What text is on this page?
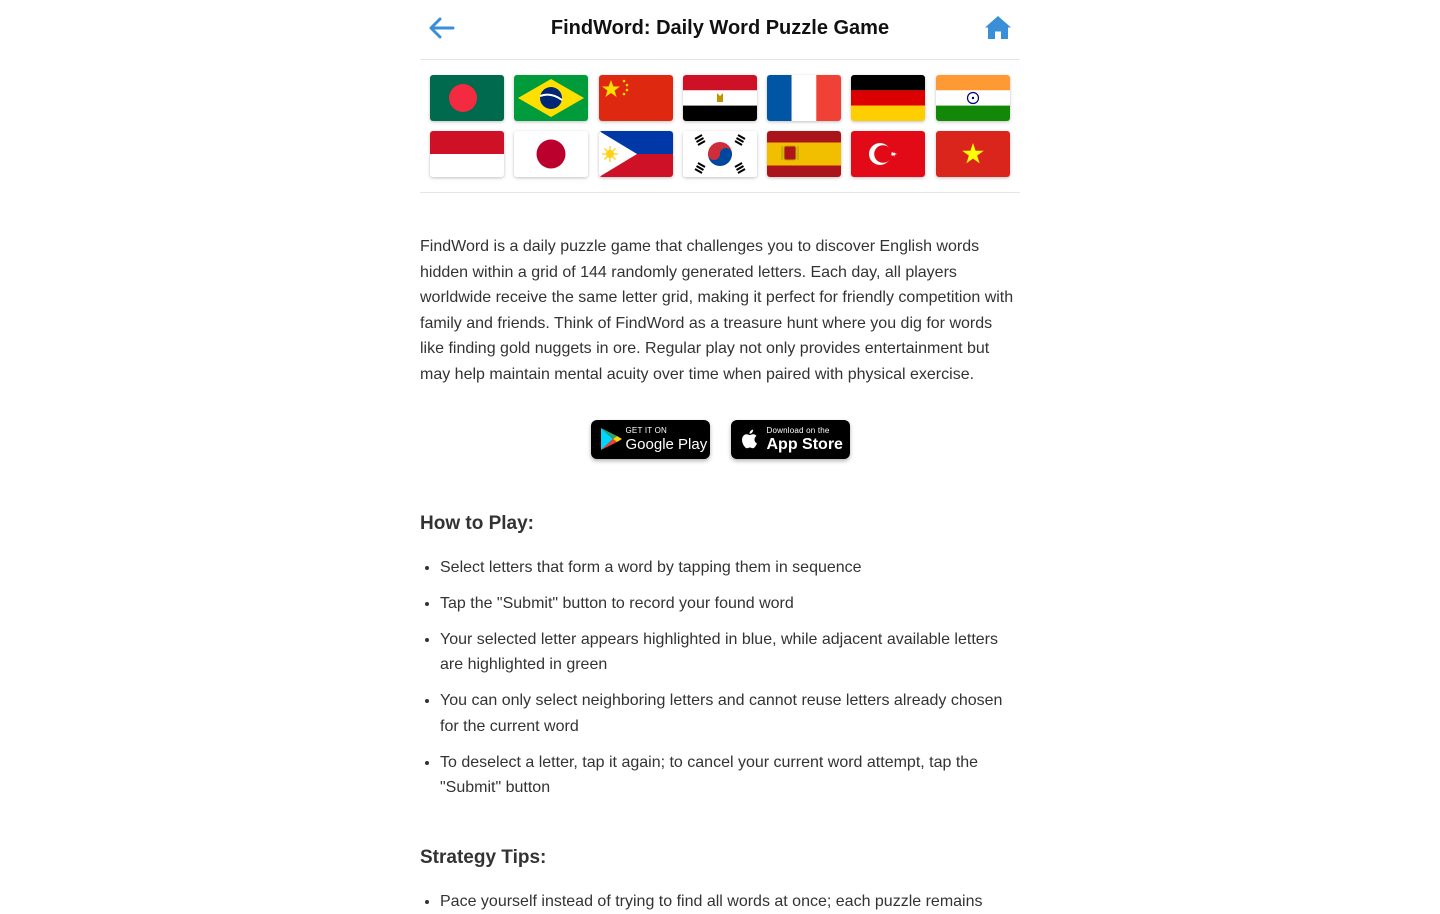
FindWord: Daily Word Puzzle Game

FindWord is a daily puzzle game that challenges you to discover English words hidden within a grid of 144 randomly generated letters. Each day, all players worldwide receive the same letter grid, making it perfect for friendly competition with family and friends. Think of FindWord as a treasure hunt where you dig for words like finding gold nuggets in ore. Regular play not only provides entertainment but may help maintain mental acuity over time when paired with physical exercise.

GET IT ON
Google Play
Download on the
App Store
How to Play:
• Select letters that form a word by tapping them in sequence
• Tap the "Submit" button to record your found word
• Your selected letter appears highlighted in blue, while adjacent available letters are highlighted in green
• You can only select neighboring letters and cannot reuse letters already chosen for the current word
• To deselect a letter, tap it again; to cancel your current word attempt, tap the "Submit" button
Strategy Tips:
• Pace yourself instead of trying to find all words at once; each puzzle remains
